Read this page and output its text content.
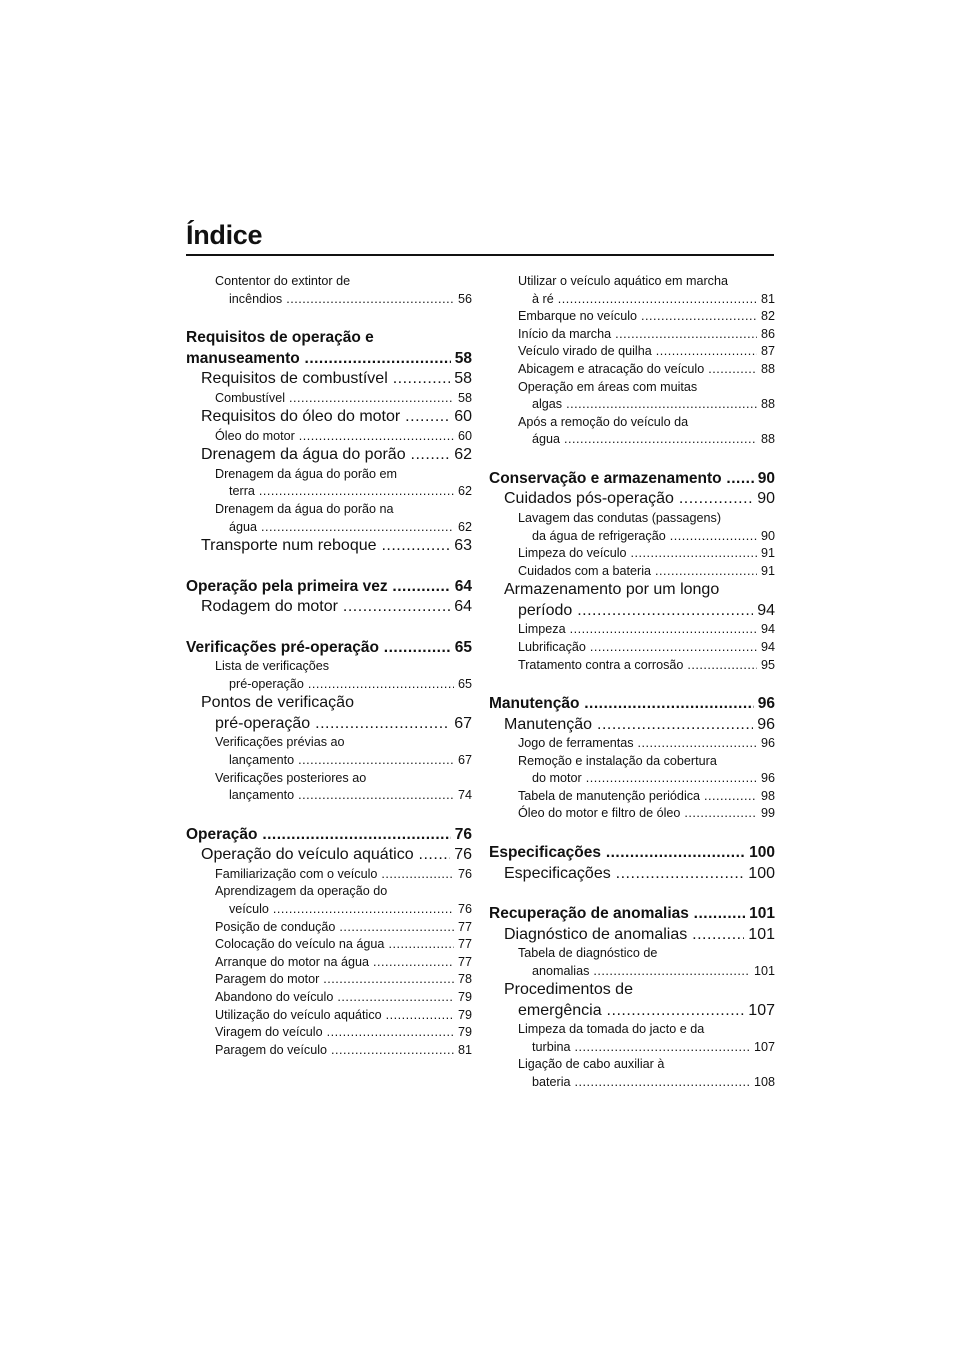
Índice
Contentor do extintor de
incêndios .....	56
Requisitos de operação e
manuseamento .....	58
Requisitos de combustível .....	58
Combustível .....	58
Requisitos do óleo do motor .....	60
Óleo do motor .....	60
Drenagem da água do porão .....	62
Drenagem da água do porão em
terra .....	62
Drenagem da água do porão na
água .....	62
Transporte num reboque .....	63
Operação pela primeira vez .....	64
Rodagem do motor .....	64
Verificações pré-operação .....	65
Lista de verificações
pré-operação .....	65
Pontos de verificação
pré-operação .....	67
Verificações prévias ao
lançamento .....	67
Verificações posteriores ao
lançamento .....	74
Operação .....	76
Operação do veículo aquático .....	76
Familiarização com o veículo .....	76
Aprendizagem da operação do
veículo .....	76
Posição de condução .....	77
Colocação do veículo na água .....	77
Arranque do motor na água .....	77
Paragem do motor .....	78
Abandono do veículo .....	79
Utilização do veículo aquático .....	79
Viragem do veículo .....	79
Paragem do veículo .....	81
Utilizar o veículo aquático em marcha
à ré .....	81
Embarque no veículo .....	82
Início da marcha .....	86
Veículo virado de quilha .....	87
Abicagem e atracação do veículo .....	88
Operação em áreas com muitas
algas .....	88
Após a remoção do veículo da
água .....	88
Conservação e armazenamento .....	90
Cuidados pós-operação .....	90
Lavagem das condutas (passagens)
da água de refrigeração .....	90
Limpeza do veículo .....	91
Cuidados com a bateria .....	91
Armazenamento por um longo
período .....	94
Limpeza .....	94
Lubrificação .....	94
Tratamento contra a corrosão .....	95
Manutenção .....	96
Manutenção .....	96
Jogo de ferramentas .....	96
Remoção e instalação da cobertura
do motor .....	96
Tabela de manutenção periódica .....	98
Óleo do motor e filtro de óleo .....	99
Especificações .....	100
Especificações .....	100
Recuperação de anomalias .....	101
Diagnóstico de anomalias .....	101
Tabela de diagnóstico de
anomalias .....	101
Procedimentos de
emergência .....	107
Limpeza da tomada do jacto e da
turbina .....	107
Ligação de cabo auxiliar à
bateria .....	108
